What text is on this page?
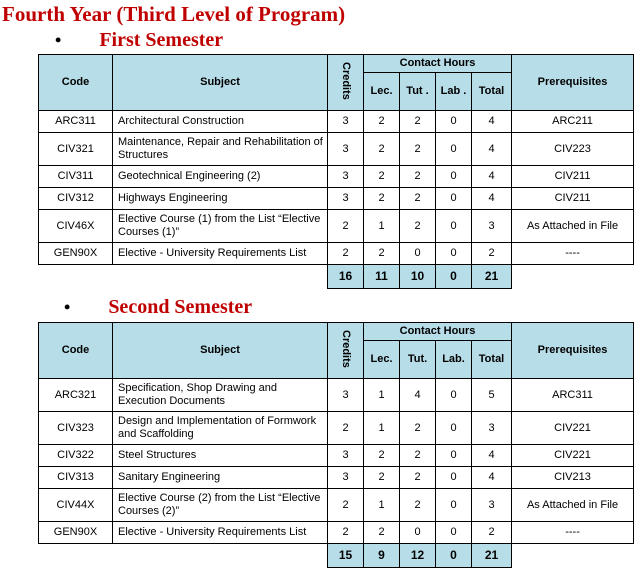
Fourth Year (Third Level of Program)
• First Semester
Code	Subject	Credits	Contact Hours				Prerequisites
			Lec.	Tut .	Lab .	Total	
ARC311	Architectural Construction	3	2	2	0	4	ARC211
CIV321	Maintenance, Repair and Rehabilitation of Structures	3	2	2	0	4	CIV223
CIV311	Geotechnical Engineering (2)	3	2	2	0	4	CIV211
CIV312	Highways Engineering	3	2	2	0	4	CIV211
CIV46X	Elective Course (1) from the List “Elective Courses (1)”	2	1	2	0	3	As Attached in File
GEN90X	Elective - University Requirements List	2	2	0	0	2	----
		16	11	10	0	21	
• Second Semester
Code	Subject	Credits	Contact Hours				Prerequisites
			Lec.	Tut.	Lab.	Total	
ARC321	Specification, Shop Drawing and Execution Documents	3	1	4	0	5	ARC311
CIV323	Design and Implementation of Formwork and Scaffolding	2	1	2	0	3	CIV221
CIV322	Steel Structures	3	2	2	0	4	CIV221
CIV313	Sanitary Engineering	3	2	2	0	4	CIV213
CIV44X	Elective Course (2) from the List “Elective Courses (2)”	2	1	2	0	3	As Attached in File
GEN90X	Elective - University Requirements List	2	2	0	0	2	----
		15	9	12	0	21	
